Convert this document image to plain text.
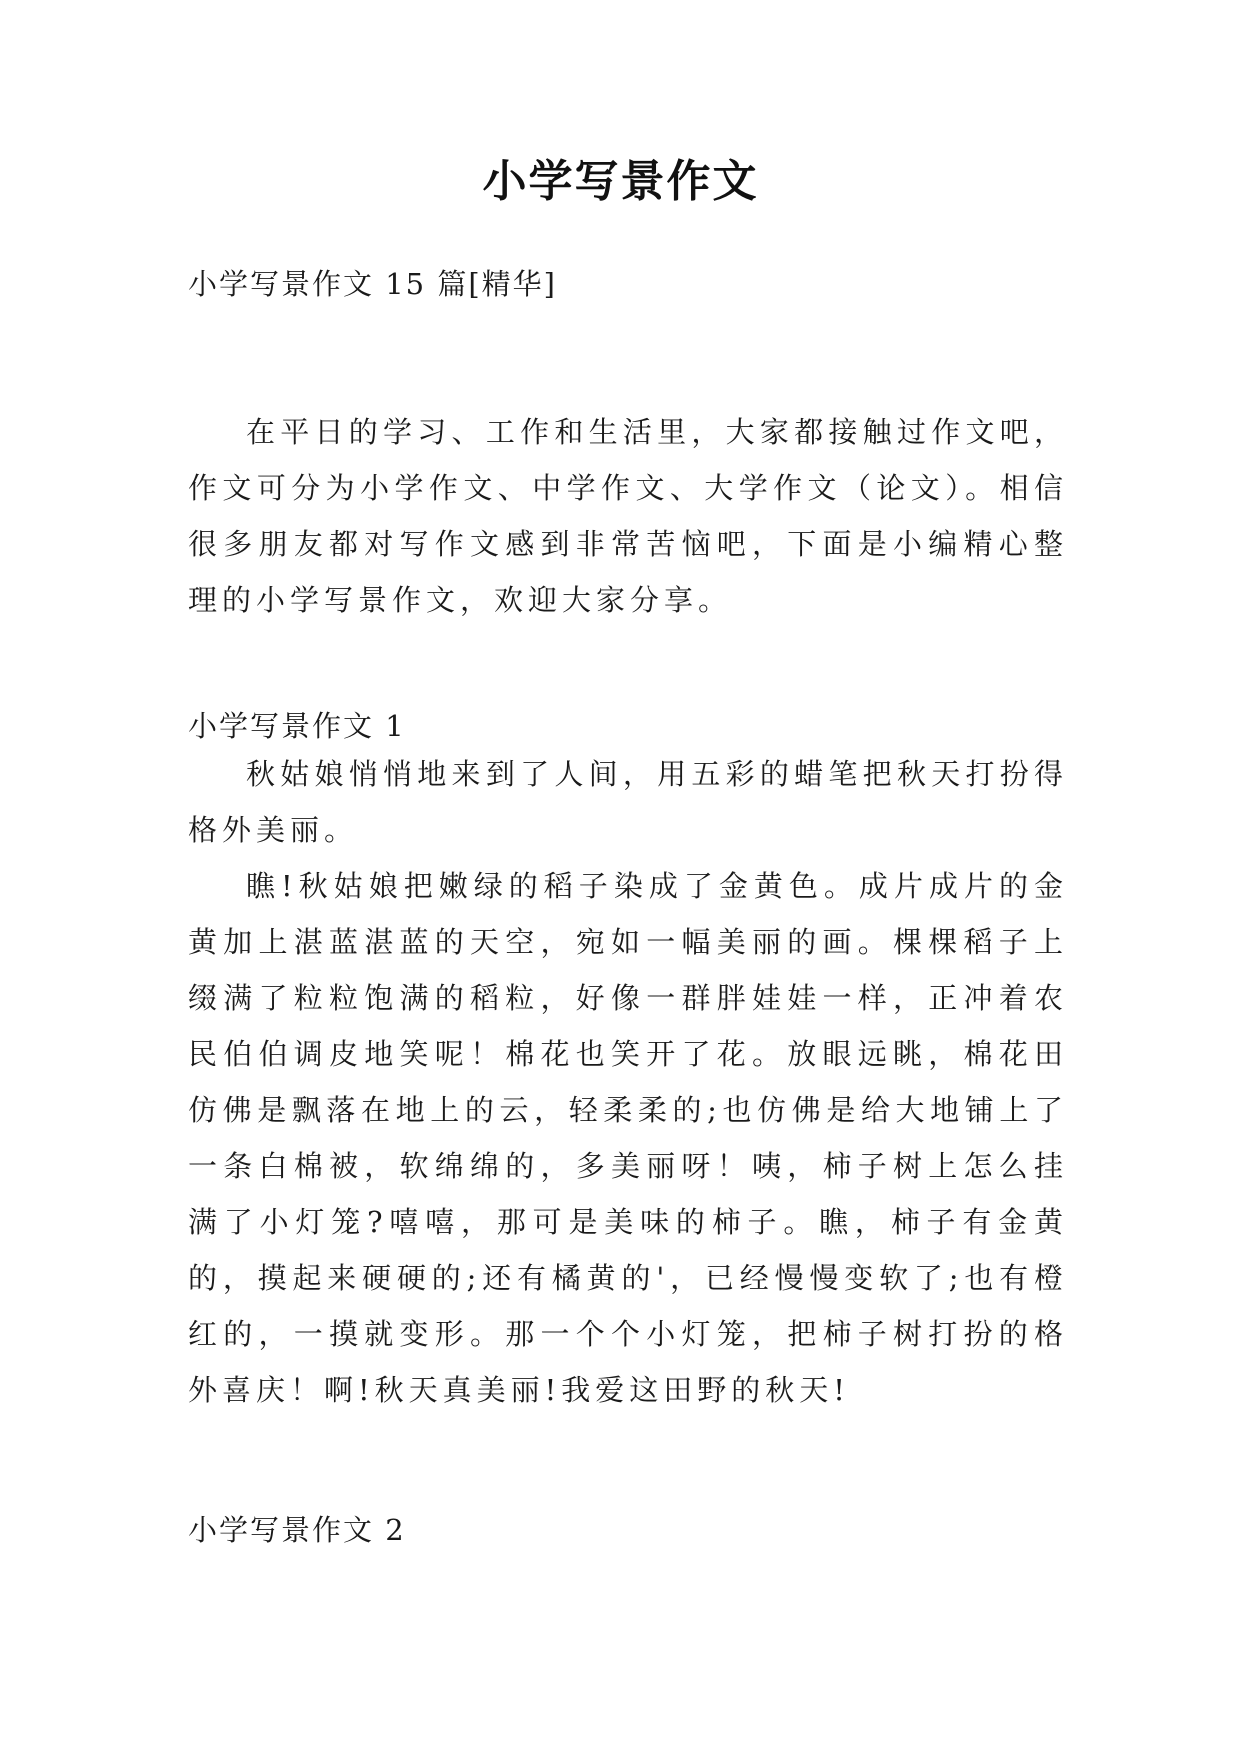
小学写景作文
小学写景作文 15 篇[精华]

在平日的学习、工作和生活里，大家都接触过作文吧，作文可分为小学作文、中学作文、大学作文（论文）。相信很多朋友都对写作文感到非常苦恼吧，下面是小编精心整理的小学写景作文，欢迎大家分享。

小学写景作文 1

秋姑娘悄悄地来到了人间，用五彩的蜡笔把秋天打扮得格外美丽。

瞧!秋姑娘把嫩绿的稻子染成了金黄色。成片成片的金黄加上湛蓝湛蓝的天空，宛如一幅美丽的画。棵棵稻子上缀满了粒粒饱满的稻粒，好像一群胖娃娃一样，正冲着农民伯伯调皮地笑呢！棉花也笑开了花。放眼远眺，棉花田仿佛是飘落在地上的云，轻柔柔的;也仿佛是给大地铺上了一条白棉被，软绵绵的，多美丽呀！咦，柿子树上怎么挂满了小灯笼?嘻嘻，那可是美味的柿子。瞧，柿子有金黄的，摸起来硬硬的;还有橘黄的'，已经慢慢变软了;也有橙红的，一摸就变形。那一个个小灯笼，把柿子树打扮的格外喜庆！啊!秋天真美丽!我爱这田野的秋天!

小学写景作文 2
